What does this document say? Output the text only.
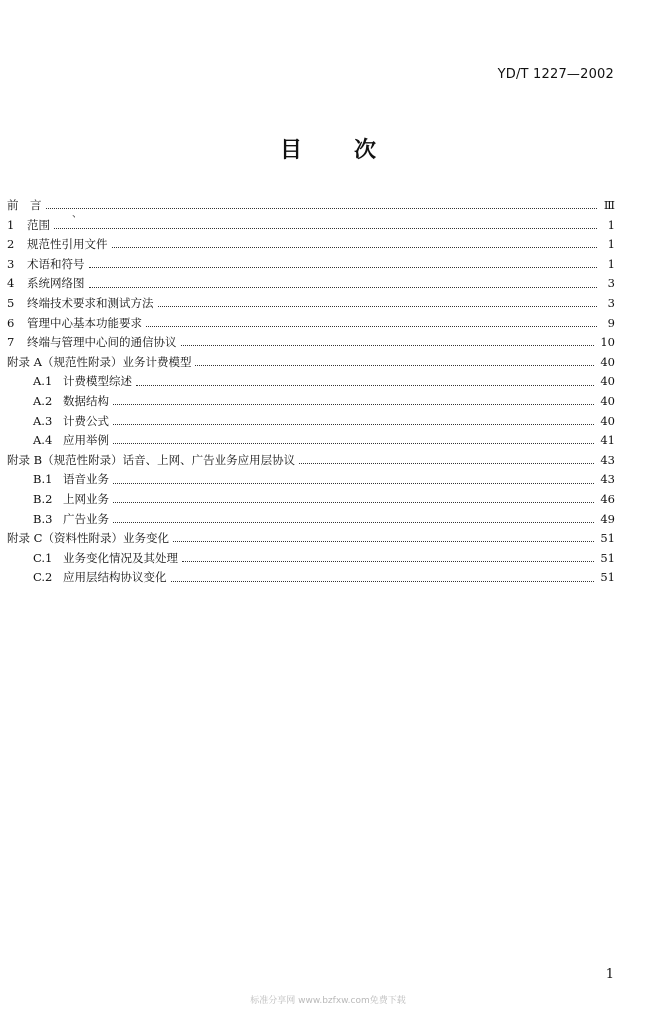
YD/T 1227—2002
目 次
、
前　言	Ⅲ
1	范围	1
2	规范性引用文件	1
3	术语和符号	1
4	系统网络图	3
5	终端技术要求和测试方法	3
6	管理中心基本功能要求	9
7	终端与管理中心间的通信协议	10
附录 A（规范性附录）业务计费模型	40
A.1 计费模型综述	40
A.2 数据结构	40
A.3 计费公式	40
A.4 应用举例	41
附录 B（规范性附录）话音、上网、广告业务应用层协议	43
B.1 语音业务	43
B.2 上网业务	46
B.3 广告业务	49
附录 C（资料性附录）业务变化	51
C.1 业务变化情况及其处理	51
C.2 应用层结构协议变化	51
1
标准分享网 www.bzfxw.com免费下载
